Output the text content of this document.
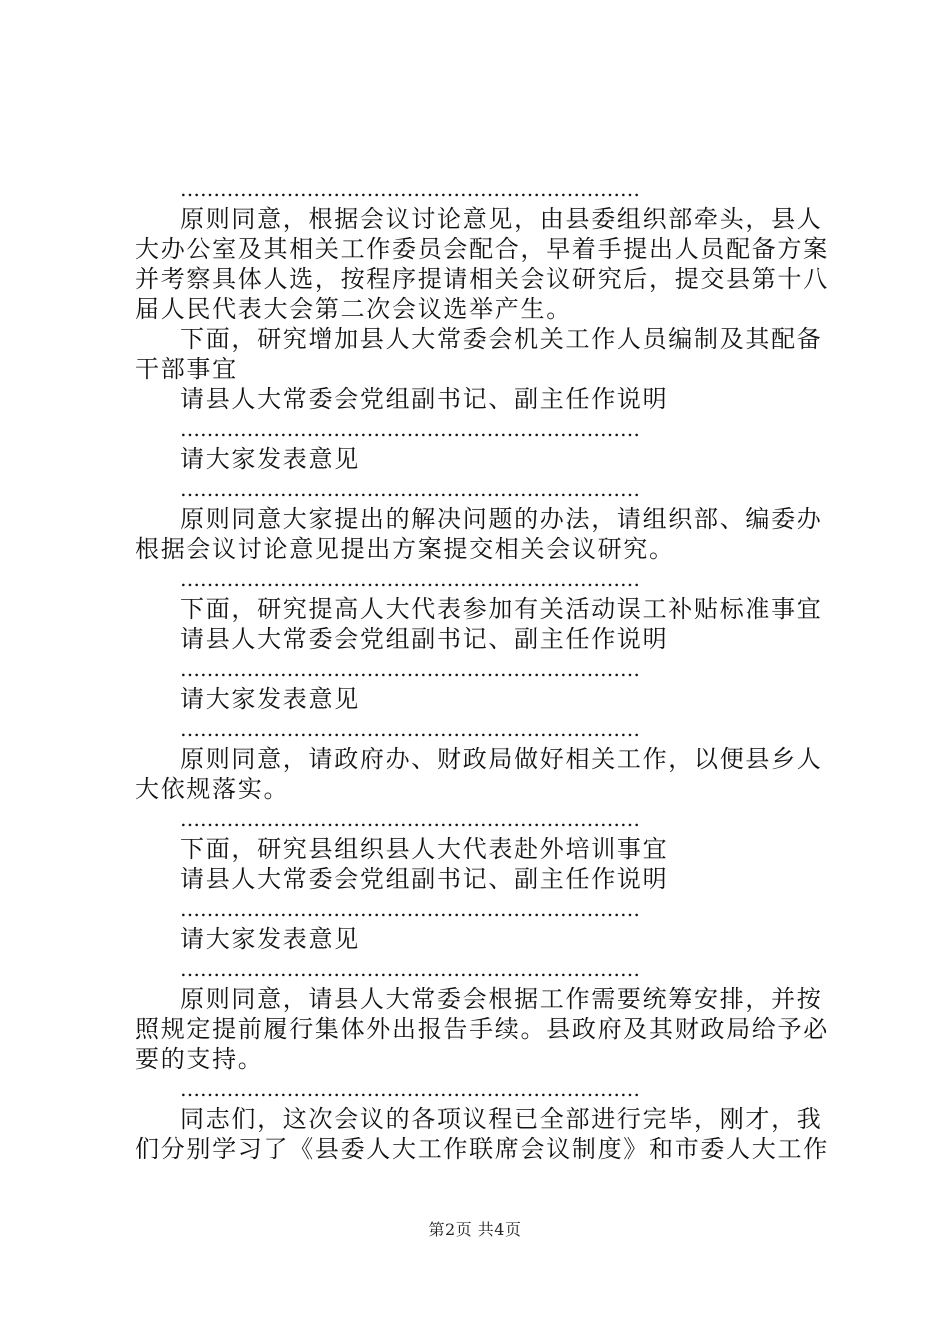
……………………………………………………………
原则同意，根据会议讨论意见，由县委组织部牵头，县人
大办公室及其相关工作委员会配合，早着手提出人员配备方案
并考察具体人选，按程序提请相关会议研究后，提交县第十八
届人民代表大会第二次会议选举产生。
下面，研究增加县人大常委会机关工作人员编制及其配备
干部事宜
请县人大常委会党组副书记、副主任作说明
……………………………………………………………
请大家发表意见
……………………………………………………………
原则同意大家提出的解决问题的办法，请组织部、编委办
根据会议讨论意见提出方案提交相关会议研究。
……………………………………………………………
下面，研究提高人大代表参加有关活动误工补贴标准事宜
请县人大常委会党组副书记、副主任作说明
……………………………………………………………
请大家发表意见
……………………………………………………………
原则同意，请政府办、财政局做好相关工作，以便县乡人
大依规落实。
……………………………………………………………
下面，研究县组织县人大代表赴外培训事宜
请县人大常委会党组副书记、副主任作说明
……………………………………………………………
请大家发表意见
……………………………………………………………
原则同意，请县人大常委会根据工作需要统筹安排，并按
照规定提前履行集体外出报告手续。县政府及其财政局给予必
要的支持。
……………………………………………………………
同志们，这次会议的各项议程已全部进行完毕，刚才，我
们分别学习了《县委人大工作联席会议制度》和市委人大工作
第2页 共4页
